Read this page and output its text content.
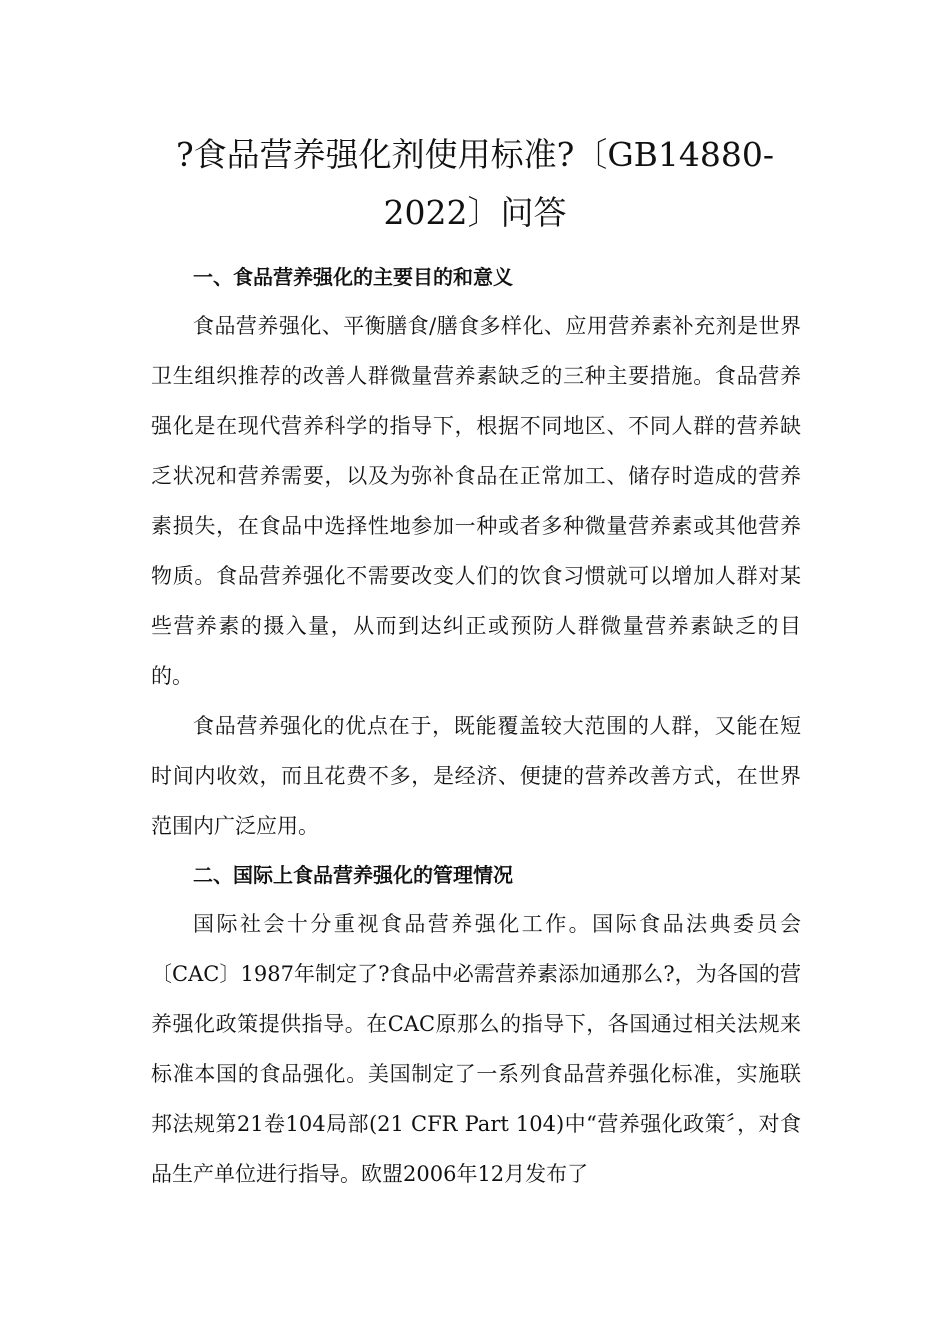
?食品营养强化剂使用标准?〔GB14880-
2022〕问答
一、食品营养强化的主要目的和意义

食品营养强化、平衡膳食/膳食多样化、应用营养素补充剂是世界卫生组织推荐的改善人群微量营养素缺乏的三种主要措施。食品营养强化是在现代营养科学的指导下，根据不同地区、不同人群的营养缺乏状况和营养需要，以及为弥补食品在正常加工、储存时造成的营养素损失，在食品中选择性地参加一种或者多种微量营养素或其他营养物质。食品营养强化不需要改变人们的饮食习惯就可以增加人群对某些营养素的摄入量，从而到达纠正或预防人群微量营养素缺乏的目的。

食品营养强化的优点在于，既能覆盖较大范围的人群，又能在短时间内收效，而且花费不多，是经济、便捷的营养改善方式，在世界范围内广泛应用。

二、国际上食品营养强化的管理情况

国际社会十分重视食品营养强化工作。国际食品法典委员会〔CAC〕1987年制定了?食品中必需营养素添加通那么?，为各国的营养强化政策提供指导。在CAC原那么的指导下，各国通过相关法规来标准本国的食品强化。美国制定了一系列食品营养强化标准，实施联邦法规第21卷104局部(21 CFR Part 104)中“营养强化政策〞，对食品生产单位进行指导。欧盟2006年12月发布了
